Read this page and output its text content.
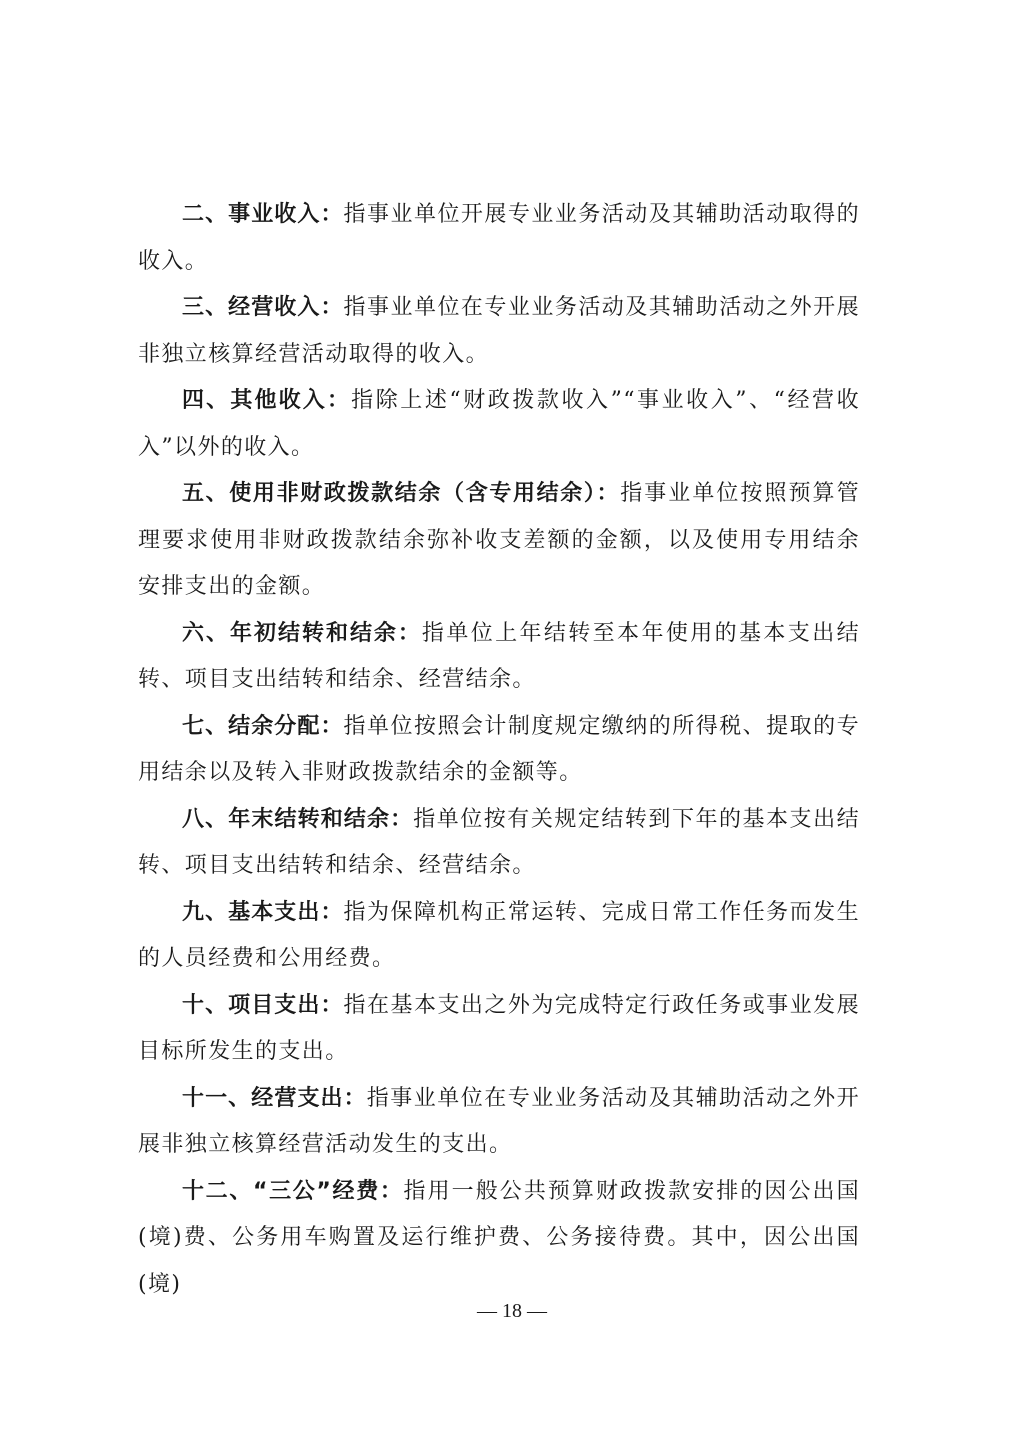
二、事业收入：指事业单位开展专业业务活动及其辅助活动取得的收入。

三、经营收入：指事业单位在专业业务活动及其辅助活动之外开展非独立核算经营活动取得的收入。

四、其他收入：指除上述“财政拨款收入”“事业收入”、“经营收入”以外的收入。

五、使用非财政拨款结余（含专用结余）：指事业单位按照预算管理要求使用非财政拨款结余弥补收支差额的金额，以及使用专用结余安排支出的金额。

六、年初结转和结余：指单位上年结转至本年使用的基本支出结转、项目支出结转和结余、经营结余。

七、结余分配：指单位按照会计制度规定缴纳的所得税、提取的专用结余以及转入非财政拨款结余的金额等。

八、年末结转和结余：指单位按有关规定结转到下年的基本支出结转、项目支出结转和结余、经营结余。

九、基本支出：指为保障机构正常运转、完成日常工作任务而发生的人员经费和公用经费。

十、项目支出：指在基本支出之外为完成特定行政任务或事业发展目标所发生的支出。

十一、经营支出：指事业单位在专业业务活动及其辅助活动之外开展非独立核算经营活动发生的支出。

十二、“三公”经费：指用一般公共预算财政拨款安排的因公出国(境)费、公务用车购置及运行维护费、公务接待费。其中，因公出国(境)

— 18 —
